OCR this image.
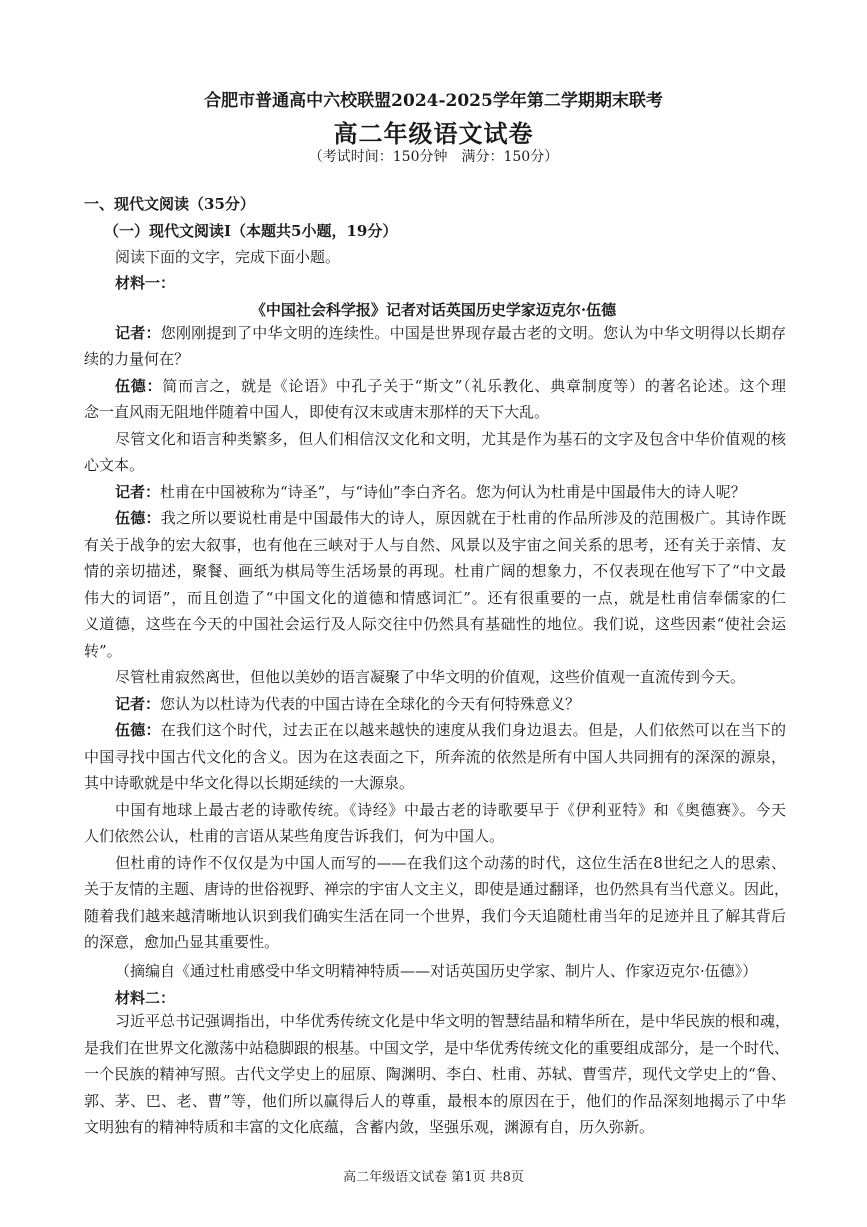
合肥市普通高中六校联盟2024-2025学年第二学期期末联考
高二年级语文试卷
（考试时间：150分钟　满分：150分）
一、现代文阅读（35分）
（一）现代文阅读Ⅰ（本题共5小题，19分）
阅读下面的文字，完成下面小题。
材料一：
《中国社会科学报》记者对话英国历史学家迈克尔·伍德
记者：您刚刚提到了中华文明的连续性。中国是世界现存最古老的文明。您认为中华文明得以长期存
续的力量何在？
伍德：简而言之，就是《论语》中孔子关于“斯文”（礼乐教化、典章制度等）的著名论述。这个理
念一直风雨无阻地伴随着中国人，即使有汉末或唐末那样的天下大乱。
尽管文化和语言种类繁多，但人们相信汉文化和文明，尤其是作为基石的文字及包含中华价值观的核
心文本。
记者：杜甫在中国被称为“诗圣”，与“诗仙”李白齐名。您为何认为杜甫是中国最伟大的诗人呢？
伍德：我之所以要说杜甫是中国最伟大的诗人，原因就在于杜甫的作品所涉及的范围极广。其诗作既
有关于战争的宏大叙事，也有他在三峡对于人与自然、风景以及宇宙之间关系的思考，还有关于亲情、友
情的亲切描述，聚餐、画纸为棋局等生活场景的再现。杜甫广阔的想象力，不仅表现在他写下了“中文最
伟大的词语”，而且创造了“中国文化的道德和情感词汇”。还有很重要的一点，就是杜甫信奉儒家的仁
义道德，这些在今天的中国社会运行及人际交往中仍然具有基础性的地位。我们说，这些因素“使社会运
转”。
尽管杜甫寂然离世，但他以美妙的语言凝聚了中华文明的价值观，这些价值观一直流传到今天。
记者：您认为以杜诗为代表的中国古诗在全球化的今天有何特殊意义？
伍德：在我们这个时代，过去正在以越来越快的速度从我们身边退去。但是，人们依然可以在当下的
中国寻找中国古代文化的含义。因为在这表面之下，所奔流的依然是所有中国人共同拥有的深深的源泉，
其中诗歌就是中华文化得以长期延续的一大源泉。
中国有地球上最古老的诗歌传统。《诗经》中最古老的诗歌要早于《伊利亚特》和《奥德赛》。今天
人们依然公认，杜甫的言语从某些角度告诉我们，何为中国人。
但杜甫的诗作不仅仅是为中国人而写的——在我们这个动荡的时代，这位生活在8世纪之人的思索、
关于友情的主题、唐诗的世俗视野、禅宗的宇宙人文主义，即使是通过翻译，也仍然具有当代意义。因此，
随着我们越来越清晰地认识到我们确实生活在同一个世界，我们今天追随杜甫当年的足迹并且了解其背后
的深意，愈加凸显其重要性。
（摘编自《通过杜甫感受中华文明精神特质——对话英国历史学家、制片人、作家迈克尔·伍德》）
材料二：
习近平总书记强调指出，中华优秀传统文化是中华文明的智慧结晶和精华所在，是中华民族的根和魂，
是我们在世界文化激荡中站稳脚跟的根基。中国文学，是中华优秀传统文化的重要组成部分，是一个时代、
一个民族的精神写照。古代文学史上的屈原、陶渊明、李白、杜甫、苏轼、曹雪芹，现代文学史上的“鲁、
郭、茅、巴、老、曹”等，他们所以赢得后人的尊重，最根本的原因在于，他们的作品深刻地揭示了中华
文明独有的精神特质和丰富的文化底蕴，含蓄内敛，坚强乐观，渊源有自，历久弥新。
高二年级语文试卷 第1页 共8页
